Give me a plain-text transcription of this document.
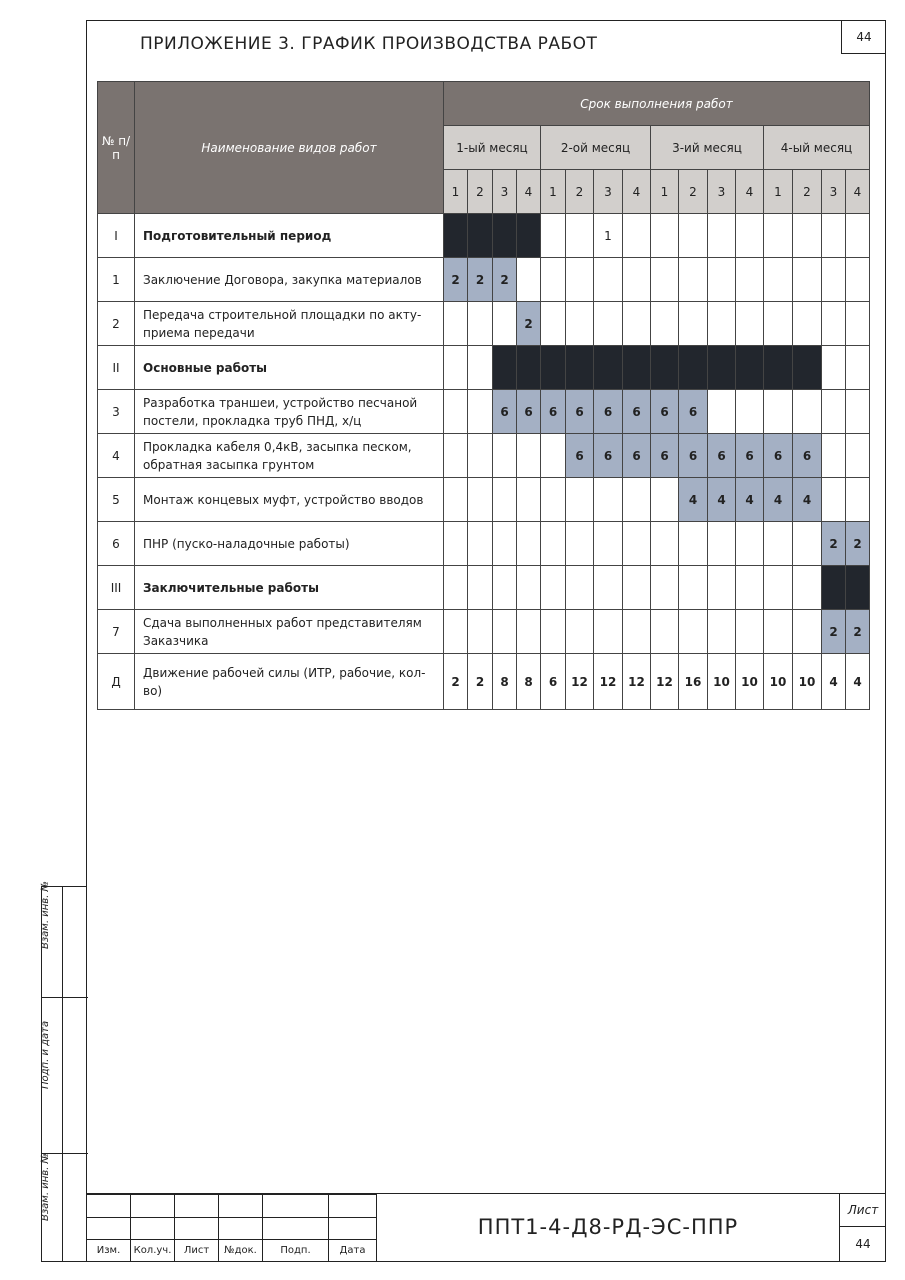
44
ПРИЛОЖЕНИЕ 3. ГРАФИК ПРОИЗВОДСТВА РАБОТ
№ п/п	Наименование видов работ	Срок выполнения работ															
		1-ый месяц				2-ой месяц				3-ий месяц				4-ый месяц			
		1	2	3	4	1	2	3	4	1	2	3	4	1	2	3	4
I	Подготовительный период							1									
1	Заключение Договора, закупка материалов	2	2	2													
2	Передача строительной площадки по акту-приема передачи				2												
II	Основные работы																
3	Разработка траншеи, устройство песчаной постели, прокладка труб ПНД, х/ц			6	6	6	6	6	6	6	6						
4	Прокладка кабеля 0,4кВ, засыпка песком, обратная засыпка грунтом						6	6	6	6	6	6	6	6	6		
5	Монтаж концевых муфт, устройство вводов										4	4	4	4	4		
6	ПНР (пуско-наладочные работы)															2	2
III	Заключительные работы																
7	Сдача выполненных работ представителям Заказчика															2	2
Д	Движение рабочей силы (ИТР, рабочие, кол-во)	2	2	8	8	6	12	12	12	12	16	10	10	10	10	4	4
Взам. инв. №
Подп. и дата
Взам. инв. №

Изм.	Кол.уч.	Лист	№док.	Подп.	Дата
ППТ1-4-Д8-РД-ЭС-ППР
Лист
44
